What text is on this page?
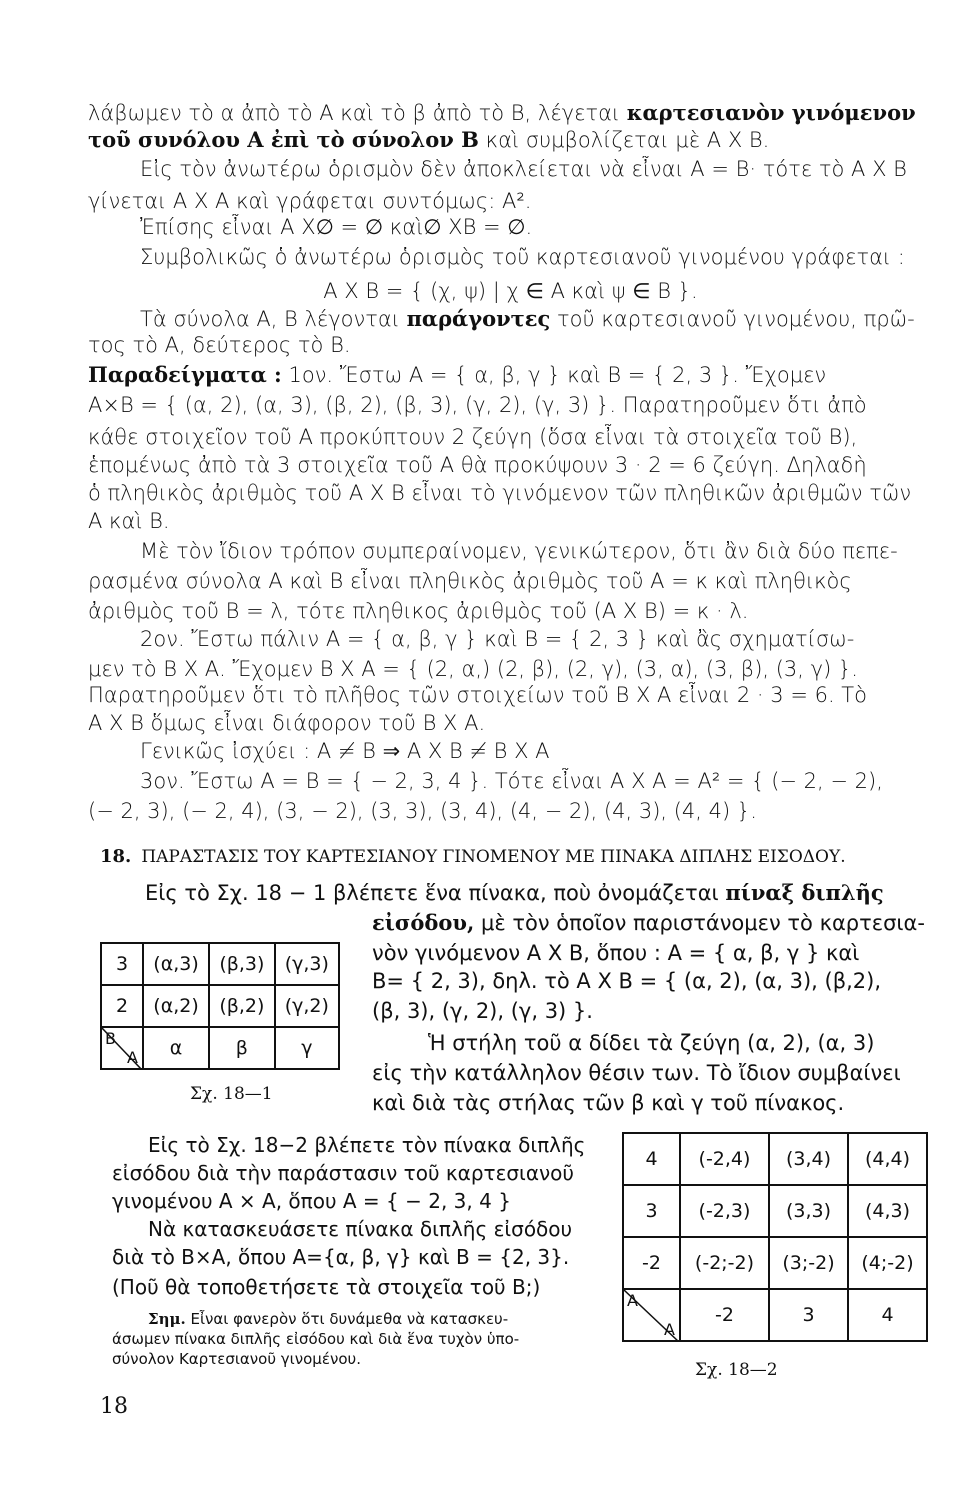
λάβωμεν τὸ α ἀπὸ τὸ Α καὶ τὸ β ἀπὸ τὸ Β, λέγεται καρτεσιανὸν γινόμενον
τοῦ συνόλου Α ἐπὶ τὸ σύνολον Β καὶ συμβολίζεται μὲ Α Χ Β.
Εἰς τὸν ἀνωτέρω ὁρισμὸν δὲν ἀποκλείεται νὰ εἶναι Α = Β· τότε τὸ Α Χ Β
γίνεται Α Χ Α καὶ γράφεται συντόμως: Α².
Ἐπίσης εἶναι Α Χ∅ = ∅ καὶ∅ ΧΒ = ∅.
Συμβολικῶς ὁ ἀνωτέρω ὁρισμὸς τοῦ καρτεσιανοῦ γινομένου γράφεται :
Α Χ Β = { (χ, ψ) | χ ∈ Α καὶ ψ ∈ Β }.
Τὰ σύνολα Α, Β λέγονται παράγοντες τοῦ καρτεσιανοῦ γινομένου, πρῶ-
τος τὸ Α, δεύτερος τὸ Β.
Παραδείγματα : 1ον. Ἔστω Α = { α, β, γ } καὶ Β = { 2, 3 }. Ἔχομεν
Α×Β = { (α, 2), (α, 3), (β, 2), (β, 3), (γ, 2), (γ, 3) }. Παρατηροῦμεν ὅτι ἀπὸ
κάθε στοιχεῖον τοῦ Α προκύπτουν 2 ζεύγη (ὅσα εἶναι τὰ στοιχεῖα τοῦ Β),
ἑπομένως ἀπὸ τὰ 3 στοιχεῖα τοῦ Α θὰ προκύψουν 3 · 2 = 6 ζεύγη. Δηλαδὴ
ὁ πληθικὸς ἀριθμὸς τοῦ Α Χ Β εἶναι τὸ γινόμενον τῶν πληθικῶν ἀριθμῶν τῶν
Α καὶ Β.
Μὲ τὸν ἴδιον τρόπον συμπεραίνομεν, γενικώτερον, ὅτι ἂν διὰ δύο πεπε-
ρασμένα σύνολα Α καὶ Β εἶναι πληθικὸς ἀριθμὸς τοῦ Α = κ καὶ πληθικὸς
ἀριθμὸς τοῦ Β = λ, τότε πληθικος ἀριθμὸς τοῦ (Α Χ Β) = κ · λ.
2ον. Ἔστω πάλιν Α = { α, β, γ } καὶ Β = { 2, 3 } καὶ ἂς σχηματίσω-
μεν τὸ Β Χ Α. Ἔχομεν Β Χ Α = { (2, α,) (2, β), (2, γ), (3, α), (3, β), (3, γ) }.
Παρατηροῦμεν ὅτι τὸ πλῆθος τῶν στοιχείων τοῦ Β Χ Α εἶναι 2 · 3 = 6. Τὸ
Α Χ Β ὅμως εἶναι διάφορον τοῦ Β Χ Α.
Γενικῶς ἰσχύει : Α ≠ Β ⇒ Α Χ Β ≠ Β Χ Α
3ον. Ἔστω Α = Β = { − 2, 3, 4 }. Τότε εἶναι Α Χ Α = Α² = { (− 2, − 2),
(− 2, 3), (− 2, 4), (3, − 2), (3, 3), (3, 4), (4, − 2), (4, 3), (4, 4) }.
18. ΠΑΡΑΣΤΑΣΙΣ ΤΟΥ ΚΑΡΤΕΣΙΑΝΟΥ ΓΙΝΟΜΕΝΟΥ ΜΕ ΠΙΝΑΚΑ ΔΙΠΛΗΣ ΕΙΣΟΔΟΥ.
Εἰς τὸ Σχ. 18 − 1 βλέπετε ἕνα πίνακα, ποὺ ὀνομάζεται πίναξ διπλῆς
εἰσόδου, μὲ τὸν ὁποῖον παριστάνομεν τὸ καρτεσια-
νὸν γινόμενον Α Χ Β, ὅπου : Α = { α, β, γ } καὶ
Β= { 2, 3), δηλ. τὸ Α Χ Β = { (α, 2), (α, 3), (β,2),
(β, 3), (γ, 2), (γ, 3) }.
Ἡ στήλη τοῦ α δίδει τὰ ζεύγη (α, 2), (α, 3)
εἰς τὴν κατάλληλον θέσιν των. Τὸ ἴδιον συμβαίνει
καὶ διὰ τὰς στήλας τῶν β καὶ γ τοῦ πίνακος.
3	(α,3)	(β,3)	(γ,3)
2	(α,2)	(β,2)	(γ,2)

B
A	α	β	γ
Σχ. 18—1
Εἰς τὸ Σχ. 18−2 βλέπετε τὸν πίνακα διπλῆς
εἰσόδου διὰ τὴν παράστασιν τοῦ καρτεσιανοῦ
γινομένου Α × Α, ὅπου Α = { − 2, 3, 4 }
Νὰ κατασκευάσετε πίνακα διπλῆς εἰσόδου
διὰ τὸ Β×Α, ὅπου Α={α, β, γ} καὶ Β = {2, 3}.
(Ποῦ θὰ τοποθετήσετε τὰ στοιχεῖα τοῦ Β;)
Σημ. Εἶναι φανερὸν ὅτι δυνάμεθα νὰ κατασκευ-
άσωμεν πίνακα διπλῆς εἰσόδου καὶ διὰ ἕνα τυχὸν ὑπο-
σύνολον Καρτεσιανοῦ γινομένου.
4	(-2,4)	(3,4)	(4,4)
3	(-2,3)	(3,3)	(4,3)
-2	(-2;-2)	(3;-2)	(4;-2)

A
A	-2	3	4
Σχ. 18—2
18
